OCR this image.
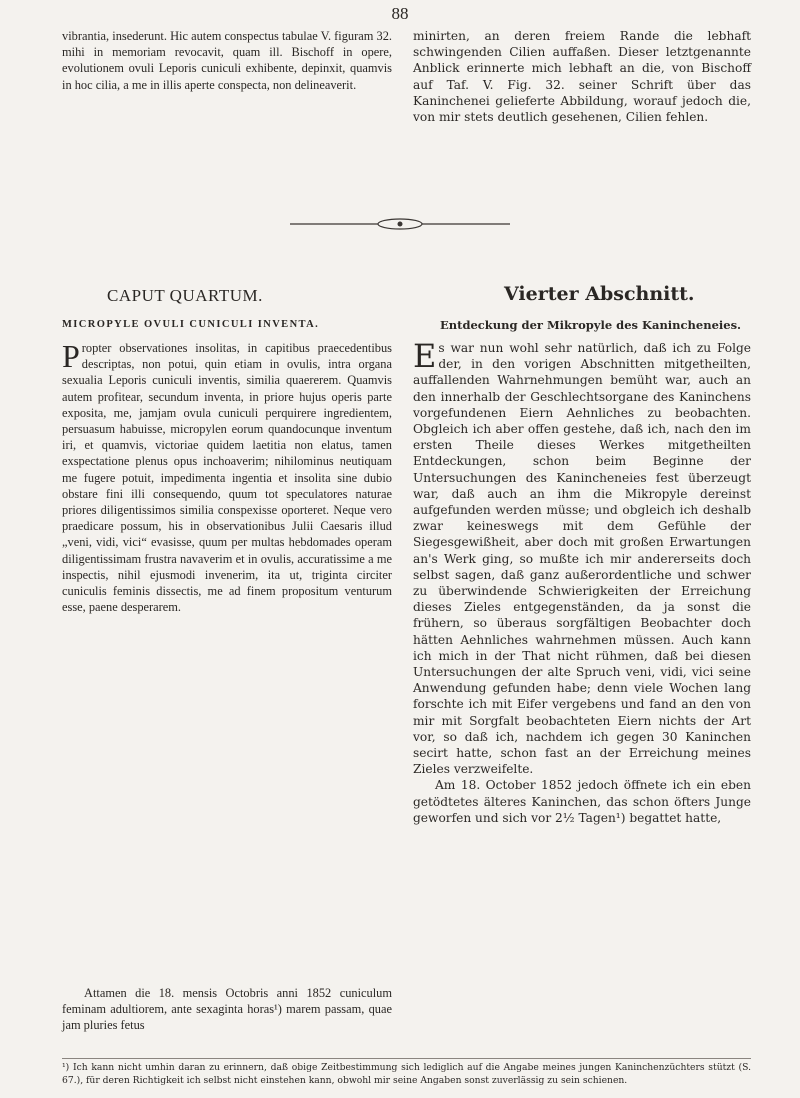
88

vibrantia, insederunt. Hic autem conspectus tabulae V. figuram 32. mihi in memoriam revocavit, quam ill. Bischoff in opere, evolutionem ovuli Leporis cuniculi exhibente, depinxit, quamvis in hoc cilia, a me in illis aperte conspecta, non delineaverit.

minirten, an deren freiem Rande die lebhaft schwingenden Cilien auffaßen. Dieser letztgenannte Anblick erinnerte mich lebhaft an die, von Bischoff auf Taf. V. Fig. 32. seiner Schrift über das Kaninchenei gelieferte Abbildung, worauf jedoch die, von mir stets deutlich gesehenen, Cilien fehlen.

CAPUT QUARTUM.	Vierter Abschnitt.
MICROPYLE OVULI CUNICULI INVENTA.	Entdeckung der Mikropyle des Kanincheneies.

Propter observationes insolitas, in capitibus praecedentibus descriptas, non potui, quin etiam in ovulis, intra organa sexualia Leporis cuniculi inventis, similia quaererem. Quamvis autem profitear, secundum inventa, in priore hujus operis parte exposita, me, jamjam ovula cuniculi perquirere ingredientem, persuasum habuisse, micropylen eorum quandocunque inventum iri, et quamvis, victoriae quidem laetitia non elatus, tamen exspectatione plenus opus inchoaverim; nihilominus neutiquam me fugere potuit, impedimenta ingentia et insolita sine dubio obstare fini illi consequendo, quum tot speculatores naturae priores diligentissimos similia conspexisse oporteret. Neque vero praedicare possum, his in observationibus Julii Caesaris illud „veni, vidi, vici“ evasisse, quum per multas hebdomades operam diligentissimam frustra navaverim et in ovulis, accuratissime a me inspectis, nihil ejusmodi invenerim, ita ut, triginta circiter cuniculis feminis dissectis, me ad finem propositum venturum esse, paene desperarem.

Attamen die 18. mensis Octobris anni 1852 cuniculum feminam adultiorem, ante sexaginta horas¹) marem passam, quae jam pluries fetus

Es war nun wohl sehr natürlich, daß ich zu Folge der, in den vorigen Abschnitten mitgetheilten, auffallenden Wahrnehmungen bemüht war, auch an den innerhalb der Geschlechtsorgane des Kaninchens vorgefundenen Eiern Aehnliches zu beobachten. Obgleich ich aber offen gestehe, daß ich, nach den im ersten Theile dieses Werkes mitgetheilten Entdeckungen, schon beim Beginne der Untersuchungen des Kanincheneies fest überzeugt war, daß auch an ihm die Mikropyle dereinst aufgefunden werden müsse; und obgleich ich deshalb zwar keineswegs mit dem Gefühle der Siegesgewißheit, aber doch mit großen Erwartungen an's Werk ging, so mußte ich mir andererseits doch selbst sagen, daß ganz außerordentliche und schwer zu überwindende Schwierigkeiten der Erreichung dieses Zieles entgegenständen, da ja sonst die frühern, so überaus sorgfältigen Beobachter doch hätten Aehnliches wahrnehmen müssen. Auch kann ich mich in der That nicht rühmen, daß bei diesen Untersuchungen der alte Spruch veni, vidi, vici seine Anwendung gefunden habe; denn viele Wochen lang forschte ich mit Eifer vergebens und fand an den von mir mit Sorgfalt beobachteten Eiern nichts der Art vor, so daß ich, nachdem ich gegen 30 Kaninchen secirt hatte, schon fast an der Erreichung meines Zieles verzweifelte.

Am 18. October 1852 jedoch öffnete ich ein eben getödtetes älteres Kaninchen, das schon öfters Junge geworfen und sich vor 2½ Tagen¹) begattet hatte,

¹) Ich kann nicht umhin daran zu erinnern, daß obige Zeitbestimmung sich lediglich auf die Angabe meines jungen Kaninchenzüchters stützt (S. 67.), für deren Richtigkeit ich selbst nicht einstehen kann, obwohl mir seine Angaben sonst zuverlässig zu sein schienen.
